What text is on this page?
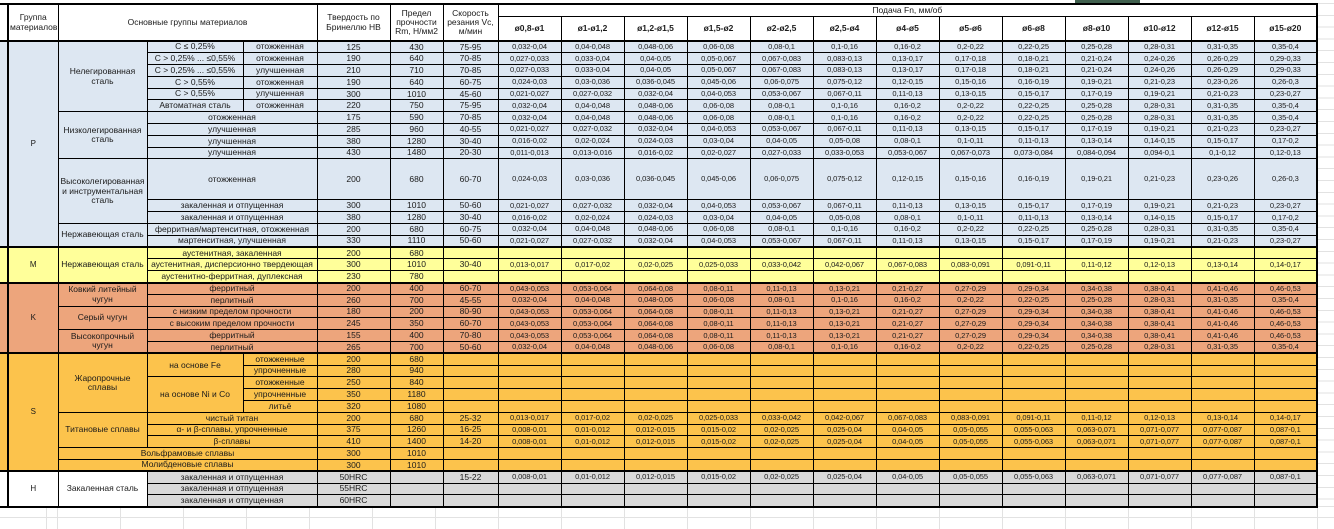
	Группа материалов	Основные группы материалов			Твердость по Бринеллю HB	Предел прочности Rm, Н/мм2	Скорость резания Vc, м/мин	Подача Fn, мм/об												
								ø0,8-ø1	ø1-ø1,2	ø1,2-ø1,5	ø1,5-ø2	ø2-ø2,5	ø2,5-ø4	ø4-ø5	ø5-ø6	ø6-ø8	ø8-ø10	ø10-ø12	ø12-ø15	ø15-ø20
	P	Нелегированная сталь	C ≤ 0,25%	отожженная	125	430	75-95	0,032-0,04	0,04-0,048	0,048-0,06	0,06-0,08	0,08-0,1	0,1-0,16	0,16-0,2	0,2-0,22	0,22-0,25	0,25-0,28	0,28-0,31	0,31-0,35	0,35-0,4
			C > 0,25% ... ≤0,55%	отожженная	190	640	70-85	0,027-0,033	0,033-0,04	0,04-0,05	0,05-0,067	0,067-0,083	0,083-0,13	0,13-0,17	0,17-0,18	0,18-0,21	0,21-0,24	0,24-0,26	0,26-0,29	0,29-0,33
			C > 0,25% ... ≤0,55%	улучшенная	210	710	70-85	0,027-0,033	0,033-0,04	0,04-0,05	0,05-0,067	0,067-0,083	0,083-0,13	0,13-0,17	0,17-0,18	0,18-0,21	0,21-0,24	0,24-0,26	0,26-0,29	0,29-0,33
			C > 0,55%	отожженная	190	640	60-75	0,024-0,03	0,03-0,036	0,036-0,045	0,045-0,06	0,06-0,075	0,075-0,12	0,12-0,15	0,15-0,16	0,16-0,19	0,19-0,21	0,21-0,23	0,23-0,26	0,26-0,3
			C > 0,55%	улучшенная	300	1010	45-60	0,021-0,027	0,027-0,032	0,032-0,04	0,04-0,053	0,053-0,067	0,067-0,11	0,11-0,13	0,13-0,15	0,15-0,17	0,17-0,19	0,19-0,21	0,21-0,23	0,23-0,27
			Автоматная сталь	отожженная	220	750	75-95	0,032-0,04	0,04-0,048	0,048-0,06	0,06-0,08	0,08-0,1	0,1-0,16	0,16-0,2	0,2-0,22	0,22-0,25	0,25-0,28	0,28-0,31	0,31-0,35	0,35-0,4
		Низколегированная сталь	отожженная		175	590	70-85	0,032-0,04	0,04-0,048	0,048-0,06	0,06-0,08	0,08-0,1	0,1-0,16	0,16-0,2	0,2-0,22	0,22-0,25	0,25-0,28	0,28-0,31	0,31-0,35	0,35-0,4
			улучшенная		285	960	40-55	0,021-0,027	0,027-0,032	0,032-0,04	0,04-0,053	0,053-0,067	0,067-0,11	0,11-0,13	0,13-0,15	0,15-0,17	0,17-0,19	0,19-0,21	0,21-0,23	0,23-0,27
			улучшенная		380	1280	30-40	0,016-0,02	0,02-0,024	0,024-0,03	0,03-0,04	0,04-0,05	0,05-0,08	0,08-0,1	0,1-0,11	0,11-0,13	0,13-0,14	0,14-0,15	0,15-0,17	0,17-0,2
			улучшенная		430	1480	20-30	0,011-0,013	0,013-0,016	0,016-0,02	0,02-0,027	0,027-0,033	0,033-0,053	0,053-0,067	0,067-0,073	0,073-0,084	0,084-0,094	0,094-0,1	0,1-0,12	0,12-0,13
		Высоколегированная и инструментальная сталь	отожженная		200	680	60-70	0,024-0,03	0,03-0,036	0,036-0,045	0,045-0,06	0,06-0,075	0,075-0,12	0,12-0,15	0,15-0,16	0,16-0,19	0,19-0,21	0,21-0,23	0,23-0,26	0,26-0,3
			закаленная и отпущенная		300	1010	50-60	0,021-0,027	0,027-0,032	0,032-0,04	0,04-0,053	0,053-0,067	0,067-0,11	0,11-0,13	0,13-0,15	0,15-0,17	0,17-0,19	0,19-0,21	0,21-0,23	0,23-0,27
			закаленная и отпущенная		380	1280	30-40	0,016-0,02	0,02-0,024	0,024-0,03	0,03-0,04	0,04-0,05	0,05-0,08	0,08-0,1	0,1-0,11	0,11-0,13	0,13-0,14	0,14-0,15	0,15-0,17	0,17-0,2
		Нержавеющая сталь	ферритная/мартенситная, отожженная		200	680	60-75	0,032-0,04	0,04-0,048	0,048-0,06	0,06-0,08	0,08-0,1	0,1-0,16	0,16-0,2	0,2-0,22	0,22-0,25	0,25-0,28	0,28-0,31	0,31-0,35	0,35-0,4
			мартенситная, улучшенная		330	1110	50-60	0,021-0,027	0,027-0,032	0,032-0,04	0,04-0,053	0,053-0,067	0,067-0,11	0,11-0,13	0,13-0,15	0,15-0,17	0,17-0,19	0,19-0,21	0,21-0,23	0,23-0,27
	M	Нержавеющая сталь	аустенитная, закаленная		200	680														
			аустенитная, дисперсионно твердеющая		300	1010	30-40	0,013-0,017	0,017-0,02	0,02-0,025	0,025-0,033	0,033-0,042	0,042-0,067	0,067-0,083	0,083-0,091	0,091-0,11	0,11-0,12	0,12-0,13	0,13-0,14	0,14-0,17
			аустенитно-ферритная, дуплексная		230	780														
	K	Ковкий литейный чугун	ферритный		200	400	60-70	0,043-0,053	0,053-0,064	0,064-0,08	0,08-0,11	0,11-0,13	0,13-0,21	0,21-0,27	0,27-0,29	0,29-0,34	0,34-0,38	0,38-0,41	0,41-0,46	0,46-0,53
			перлитный		260	700	45-55	0,032-0,04	0,04-0,048	0,048-0,06	0,06-0,08	0,08-0,1	0,1-0,16	0,16-0,2	0,2-0,22	0,22-0,25	0,25-0,28	0,28-0,31	0,31-0,35	0,35-0,4
		Серый чугун	с низким пределом прочности		180	200	80-90	0,043-0,053	0,053-0,064	0,064-0,08	0,08-0,11	0,11-0,13	0,13-0,21	0,21-0,27	0,27-0,29	0,29-0,34	0,34-0,38	0,38-0,41	0,41-0,46	0,46-0,53
			с высоким пределом прочности		245	350	60-70	0,043-0,053	0,053-0,064	0,064-0,08	0,08-0,11	0,11-0,13	0,13-0,21	0,21-0,27	0,27-0,29	0,29-0,34	0,34-0,38	0,38-0,41	0,41-0,46	0,46-0,53
		Высокопрочный чугун	ферритный		155	400	70-80	0,043-0,053	0,053-0,064	0,064-0,08	0,08-0,11	0,11-0,13	0,13-0,21	0,21-0,27	0,27-0,29	0,29-0,34	0,34-0,38	0,38-0,41	0,41-0,46	0,46-0,53
			перлитный		265	700	50-60	0,032-0,04	0,04-0,048	0,048-0,06	0,06-0,08	0,08-0,1	0,1-0,16	0,16-0,2	0,2-0,22	0,22-0,25	0,25-0,28	0,28-0,31	0,31-0,35	0,35-0,4
	S	Жаропрочные сплавы	на основе Fe	отожженные	200	680														
				упрочненные	280	940														
			на основе Ni и Со	отожженные	250	840														
				упрочненные	350	1180														
				литьё	320	1080														
		Титановые сплавы	чистый титан		200	680	25-32	0,013-0,017	0,017-0,02	0,02-0,025	0,025-0,033	0,033-0,042	0,042-0,067	0,067-0,083	0,083-0,091	0,091-0,11	0,11-0,12	0,12-0,13	0,13-0,14	0,14-0,17
			α- и β-сплавы, упрочненные		375	1260	16-25	0,008-0,01	0,01-0,012	0,012-0,015	0,015-0,02	0,02-0,025	0,025-0,04	0,04-0,05	0,05-0,055	0,055-0,063	0,063-0,071	0,071-0,077	0,077-0,087	0,087-0,1
			β-сплавы		410	1400	14-20	0,008-0,01	0,01-0,012	0,012-0,015	0,015-0,02	0,02-0,025	0,025-0,04	0,04-0,05	0,05-0,055	0,055-0,063	0,063-0,071	0,071-0,077	0,077-0,087	0,087-0,1
		Вольфрамовые сплавы			300	1010														
		Молибденовые сплавы			300	1010														
	H	Закаленная сталь	закаленная и отпущенная		50HRC		15-22	0,008-0,01	0,01-0,012	0,012-0,015	0,015-0,02	0,02-0,025	0,025-0,04	0,04-0,05	0,05-0,055	0,055-0,063	0,063-0,071	0,071-0,077	0,077-0,087	0,087-0,1
			закаленная и отпущенная		55HRC															
			закаленная и отпущенная		60HRC															
